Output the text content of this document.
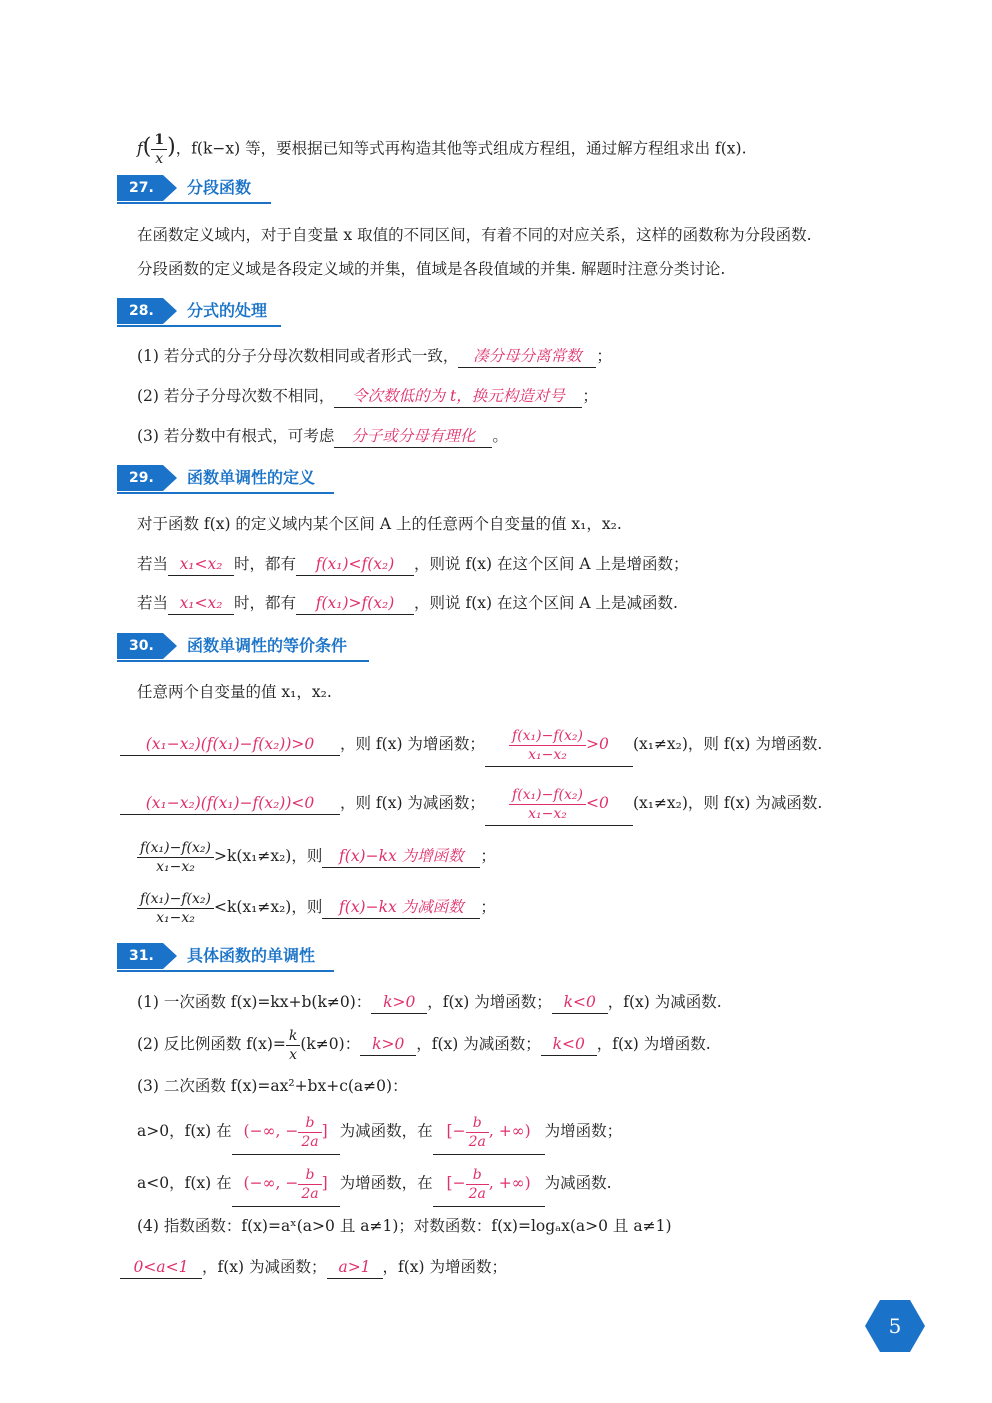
$f( \frac{1}{x}$ )，f(k−x) 等，要根据已知等式再构造其他等式组成方程组，通过解方程组求出 f(x).
27.	分段函数
在函数定义域内，对于自变量 x 取值的不同区间，有着不同的对应关系，这样的函数称为分段函数.
分段函数的定义域是各段定义域的并集，值域是各段值域的并集. 解题时注意分类讨论.
28.	分式的处理
(1) 若分式的分子分母次数相同或者形式一致， 凑分母分离常数 ；
(2) 若分子分母次数不相同， 令次数低的为 t，换元构造对号 ；
(3) 若分数中有根式，可考虑 分子或分母有理化 。
29.	函数单调性的定义
对于函数 f(x) 的定义域内某个区间 A 上的任意两个自变量的值 x₁，x₂.
若当 x₁<x₂ 时，都有 f(x₁)<f(x₂) ，则说 f(x) 在这个区间 A 上是增函数；
若当 x₁<x₂ 时，都有 f(x₁)>f(x₂) ，则说 f(x) 在这个区间 A 上是减函数.
30.	函数单调性的等价条件
任意两个自变量的值 x₁，x₂.
(x₁−x₂)(f(x₁)−f(x₂))>0 ，则 f(x) 为增函数； $\frac{\text{f(x₁)−f(x₂)}}{\text{x₁−x₂}} >0$ (x₁≠x₂)，则 f(x) 为增函数.
(x₁−x₂)(f(x₁)−f(x₂))<0 ，则 f(x) 为减函数； $\frac{\text{f(x₁)−f(x₂)}}{\text{x₁−x₂}} <0$ (x₁≠x₂)，则 f(x) 为减函数.
$\frac{\text{f(x₁)−f(x₂)}}{\text{x₁−x₂}} >k(x_1\ne x_2)$，则 f(x)−kx 为增函数 ；
$\frac{\text{f(x₁)−f(x₂)}}{\text{x₁−x₂}} <k(x_1\ne x_2)$，则 f(x)−kx 为减函数 ；
31.	具体函数的单调性
(1) 一次函数 f(x)=kx+b(k≠0)： k>0 ，f(x) 为增函数； k<0 ，f(x) 为减函数.
(2) 反比例函数 $f(x)= \frac{k}{x} (k\ne 0)$： k>0 ，f(x) 为减函数； k<0 ，f(x) 为增函数.
(3) 二次函数 f(x)=ax²+bx+c(a≠0)：
a>0，f(x) 在 (−∞, − $\frac{b}{2a}$ ] 为减函数，在 [− $\frac{b}{2a}$ , +∞) 为增函数；
a<0，f(x) 在 (−∞, − $\frac{b}{2a}$ ] 为增函数，在 [− $\frac{b}{2a}$ , +∞) 为减函数.
(4) 指数函数：f(x)=aˣ(a>0 且 a≠1)；对数函数：f(x)=logₐx(a>0 且 a≠1)
0<a<1 ，f(x) 为减函数； a>1 ，f(x) 为增函数；
5
